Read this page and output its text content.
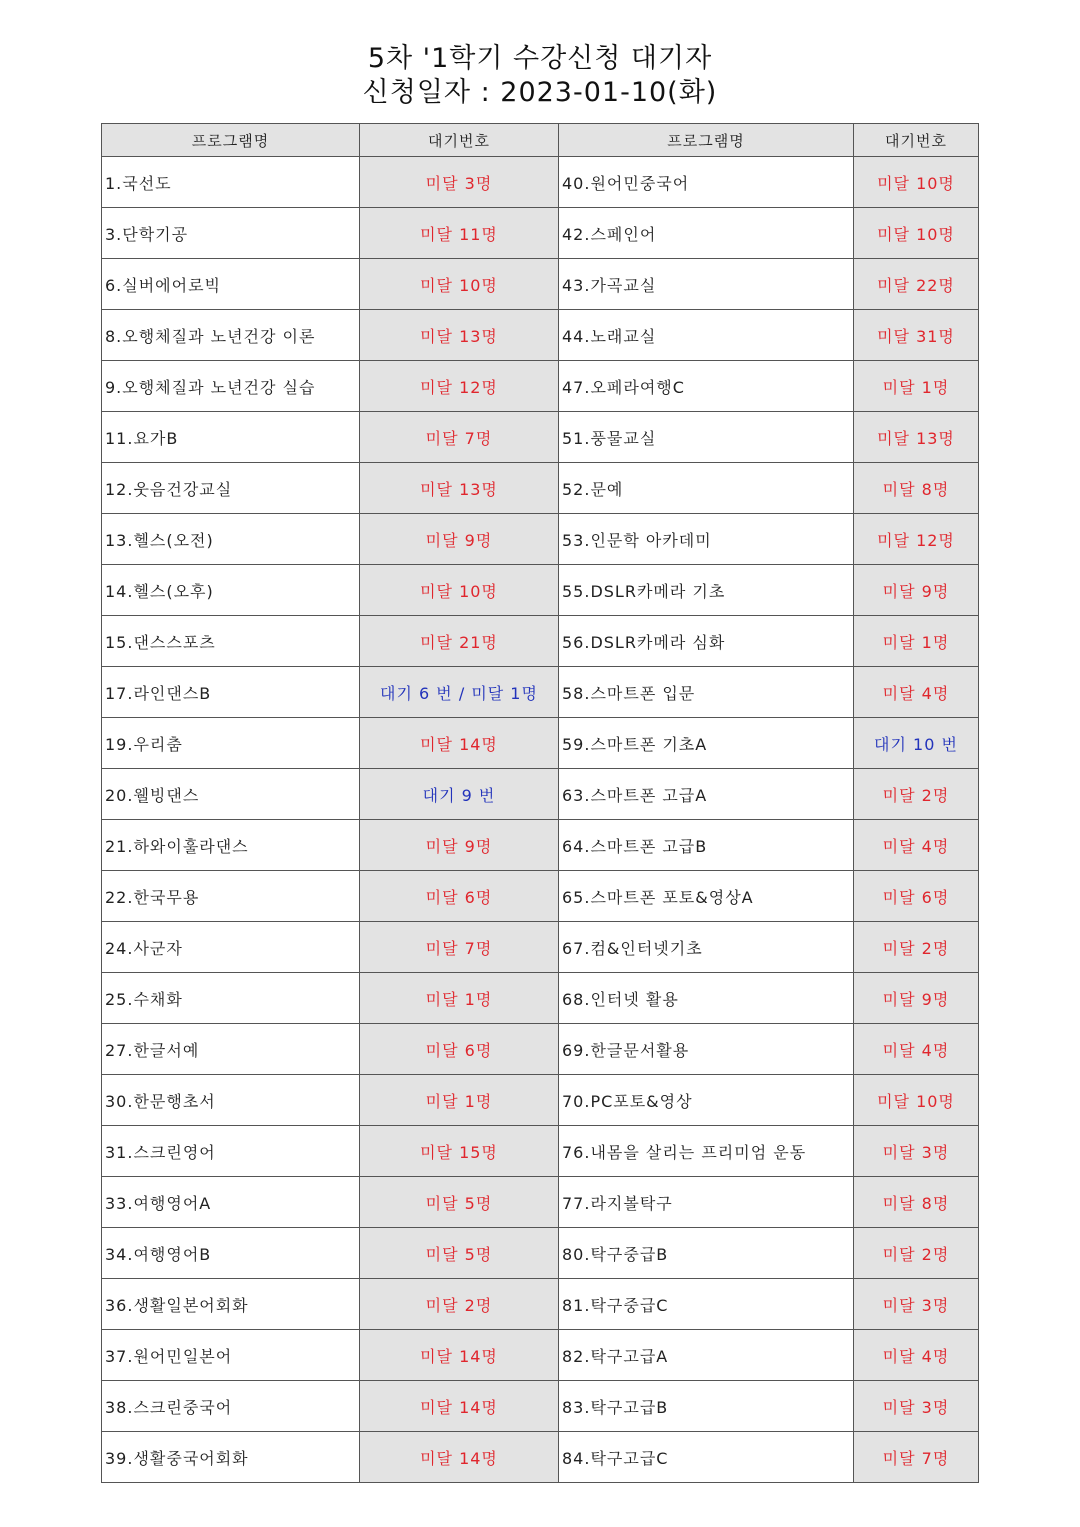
5차 '1학기 수강신청 대기자
신청일자 : 2023-01-10(화)
프로그램명	대기번호	프로그램명	대기번호
1.국선도	미달 3명	40.원어민중국어	미달 10명
3.단학기공	미달 11명	42.스페인어	미달 10명
6.실버에어로빅	미달 10명	43.가곡교실	미달 22명
8.오행체질과 노년건강 이론	미달 13명	44.노래교실	미달 31명
9.오행체질과 노년건강 실습	미달 12명	47.오페라여행C	미달 1명
11.요가B	미달 7명	51.풍물교실	미달 13명
12.웃음건강교실	미달 13명	52.문예	미달 8명
13.헬스(오전)	미달 9명	53.인문학 아카데미	미달 12명
14.헬스(오후)	미달 10명	55.DSLR카메라 기초	미달 9명
15.댄스스포츠	미달 21명	56.DSLR카메라 심화	미달 1명
17.라인댄스B	대기 6 번 / 미달 1명	58.스마트폰 입문	미달 4명
19.우리춤	미달 14명	59.스마트폰 기초A	대기 10 번
20.웰빙댄스	대기 9 번	63.스마트폰 고급A	미달 2명
21.하와이훌라댄스	미달 9명	64.스마트폰 고급B	미달 4명
22.한국무용	미달 6명	65.스마트폰 포토&영상A	미달 6명
24.사군자	미달 7명	67.컴&인터넷기초	미달 2명
25.수채화	미달 1명	68.인터넷 활용	미달 9명
27.한글서예	미달 6명	69.한글문서활용	미달 4명
30.한문행초서	미달 1명	70.PC포토&영상	미달 10명
31.스크린영어	미달 15명	76.내몸을 살리는 프리미엄 운동	미달 3명
33.여행영어A	미달 5명	77.라지볼탁구	미달 8명
34.여행영어B	미달 5명	80.탁구중급B	미달 2명
36.생활일본어회화	미달 2명	81.탁구중급C	미달 3명
37.원어민일본어	미달 14명	82.탁구고급A	미달 4명
38.스크린중국어	미달 14명	83.탁구고급B	미달 3명
39.생활중국어회화	미달 14명	84.탁구고급C	미달 7명
